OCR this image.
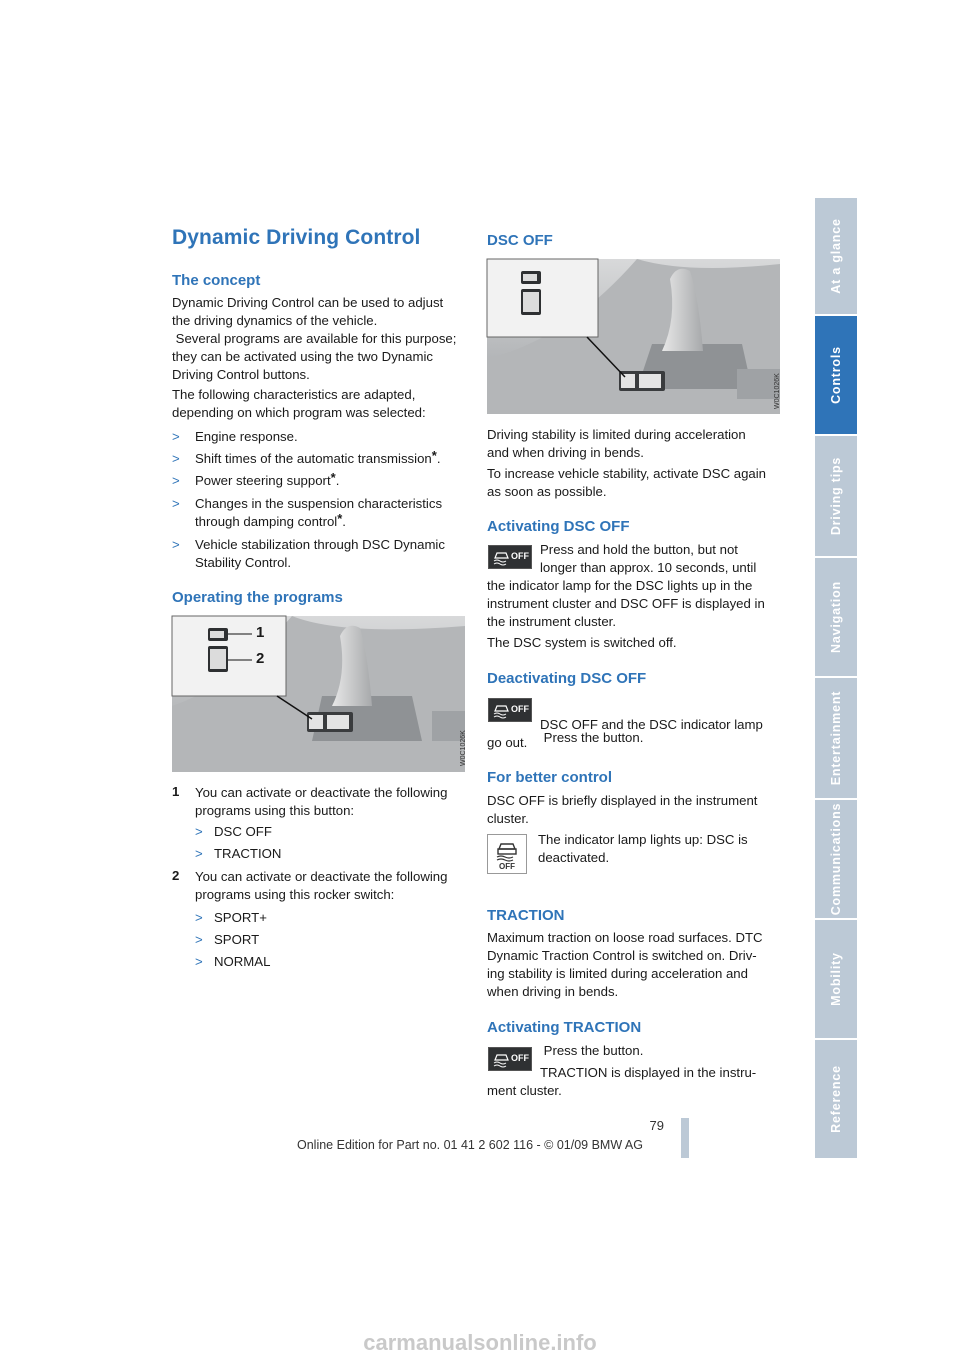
At a glance
Controls
Driving tips
Navigation
Entertainment
Communications
Mobility
Reference
Dynamic Driving Control
The concept
Dynamic Driving Control can be used to adjust
the driving dynamics of the vehicle.
Several programs are available for this purpose;
they can be activated using the two Dynamic
Driving Control buttons.
The following characteristics are adapted,
depending on which program was selected:
> Engine response.
> Shift times of the automatic transmission*.
> Power steering support*.
> Changes in the suspension characteristics
through damping control*.
> Vehicle stabilization through DSC Dynamic
Stability Control.
Operating the programs
1
2
W0C1026K
1 You can activate or deactivate the following
programs using this button:
> DSC OFF
> TRACTION
2 You can activate or deactivate the following
programs using this rocker switch:
> SPORT+
> SPORT
> NORMAL
DSC OFF
W0C1026K
Driving stability is limited during acceleration
and when driving in bends.
To increase vehicle stability, activate DSC again
as soon as possible.
Activating DSC OFF
OFF Press and hold the button, but not
longer than approx. 10 seconds, until
the indicator lamp for the DSC lights up in the
instrument cluster and DSC OFF is displayed in
the instrument cluster.
The DSC system is switched off.
Deactivating DSC OFF
OFF

Press the button.

DSC OFF and the DSC indicator lamp
go out.
For better control
DSC OFF is briefly displayed in the instrument
cluster.
OFF
The indicator lamp lights up: DSC is
deactivated.
TRACTION
Maximum traction on loose road surfaces. DTC
Dynamic Traction Control is switched on. Driv-
ing stability is limited during acceleration and
when driving in bends.
Activating TRACTION
OFF Press the button.
TRACTION is displayed in the instru-
ment cluster.
79
Online Edition for Part no. 01 41 2 602 116 - © 01/09 BMW AG
carmanualsonline.info
